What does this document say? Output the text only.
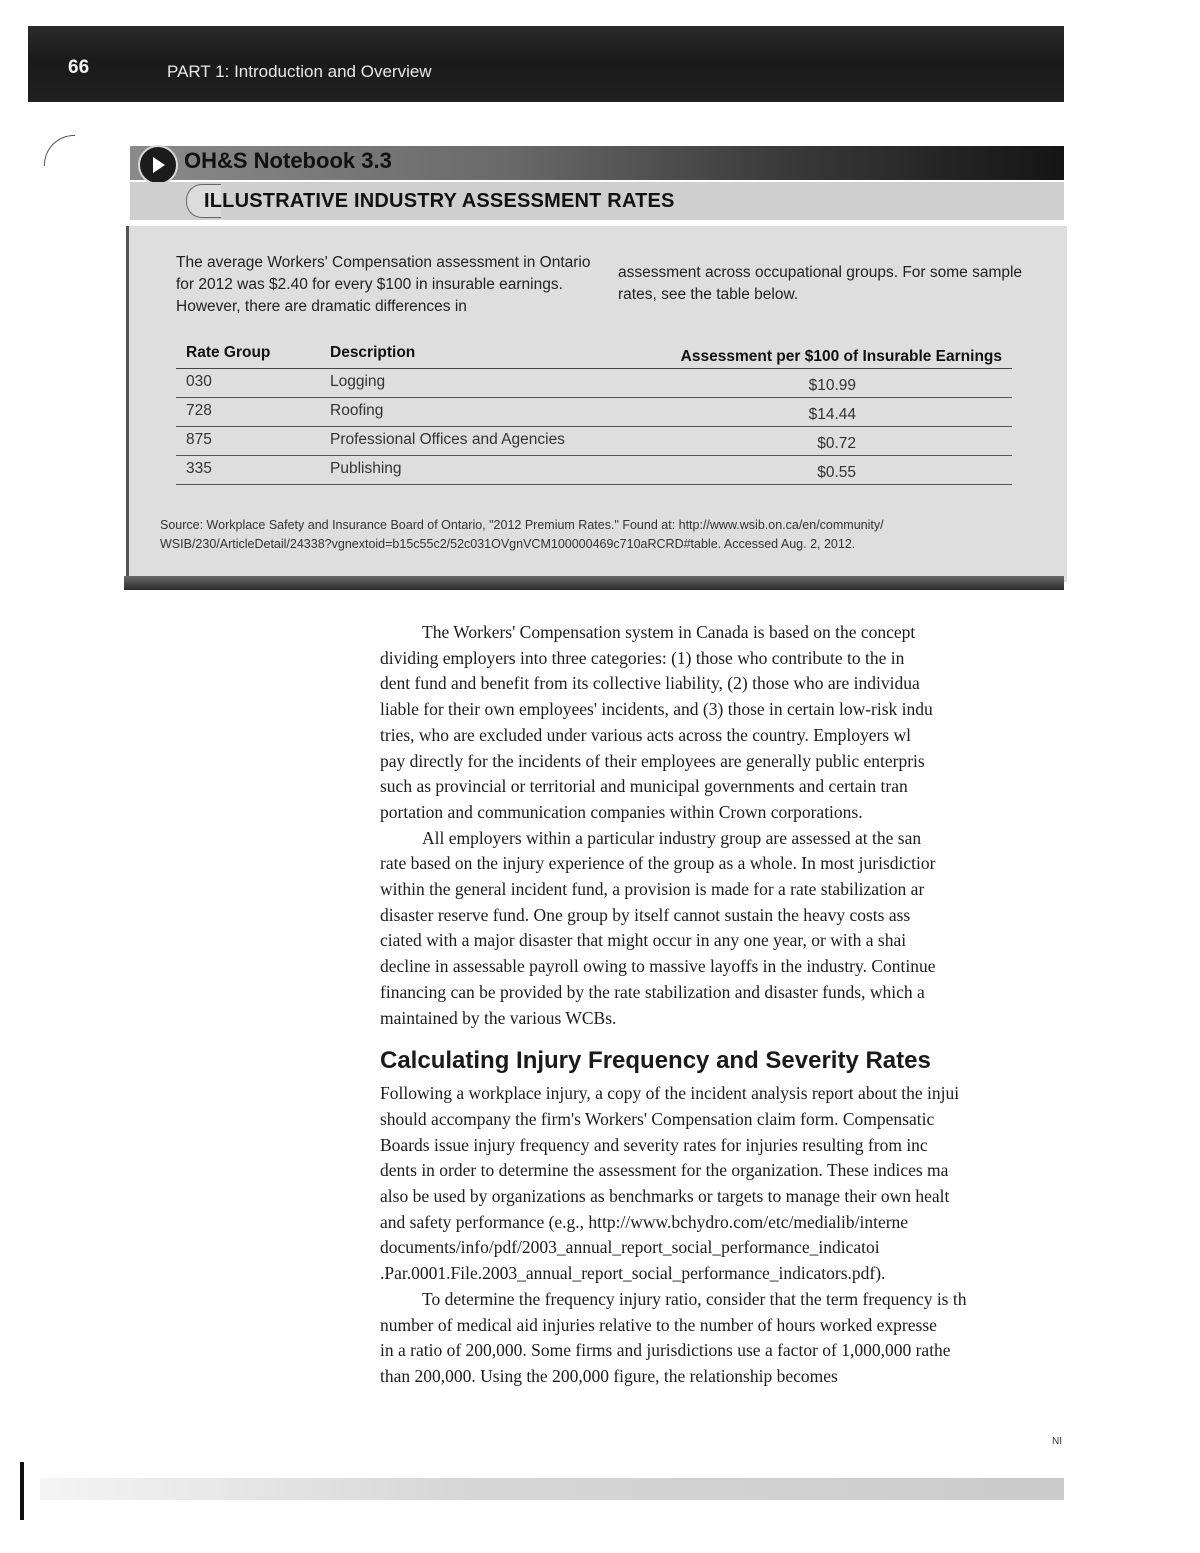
66	PART 1: Introduction and Overview
OH&S Notebook 3.3
ILLUSTRATIVE INDUSTRY ASSESSMENT RATES
The average Workers' Compensation assessment in Ontario for 2012 was $2.40 for every $100 in insurable earnings. However, there are dramatic differences in
assessment across occupational groups. For some sample rates, see the table below.
Rate Group	Description	Assessment per $100 of Insurable Earnings
030	Logging	$10.99
728	Roofing	$14.44
875	Professional Offices and Agencies	$0.72
335	Publishing	$0.55
Source: Workplace Safety and Insurance Board of Ontario, "2012 Premium Rates." Found at: http://www.wsib.on.ca/en/community/
WSIB/230/ArticleDetail/24338?vgnextoid=b15c55c2/52c031OVgnVCM100000469c710aRCRD#table. Accessed Aug. 2, 2012.

The Workers' Compensation system in Canada is based on the concept
dividing employers into three categories: (1) those who contribute to the in
dent fund and benefit from its collective liability, (2) those who are individua
liable for their own employees' incidents, and (3) those in certain low-risk indu
tries, who are excluded under various acts across the country. Employers wl
pay directly for the incidents of their employees are generally public enterpris
such as provincial or territorial and municipal governments and certain tran
portation and communication companies within Crown corporations.

All employers within a particular industry group are assessed at the san
rate based on the injury experience of the group as a whole. In most jurisdictior
within the general incident fund, a provision is made for a rate stabilization ar
disaster reserve fund. One group by itself cannot sustain the heavy costs ass
ciated with a major disaster that might occur in any one year, or with a shai
decline in assessable payroll owing to massive layoffs in the industry. Continue
financing can be provided by the rate stabilization and disaster funds, which a
maintained by the various WCBs.

Calculating Injury Frequency and Severity Rates

Following a workplace injury, a copy of the incident analysis report about the injui
should accompany the firm's Workers' Compensation claim form. Compensatic
Boards issue injury frequency and severity rates for injuries resulting from inc
dents in order to determine the assessment for the organization. These indices ma
also be used by organizations as benchmarks or targets to manage their own healt
and safety performance (e.g., http://www.bchydro.com/etc/medialib/interne
documents/info/pdf/2003_annual_report_social_performance_indicatoi
.Par.0001.File.2003_annual_report_social_performance_indicators.pdf).

To determine the frequency injury ratio, consider that the term frequency is th
number of medical aid injuries relative to the number of hours worked expresse
in a ratio of 200,000. Some firms and jurisdictions use a factor of 1,000,000 rathe
than 200,000. Using the 200,000 figure, the relationship becomes

NI
